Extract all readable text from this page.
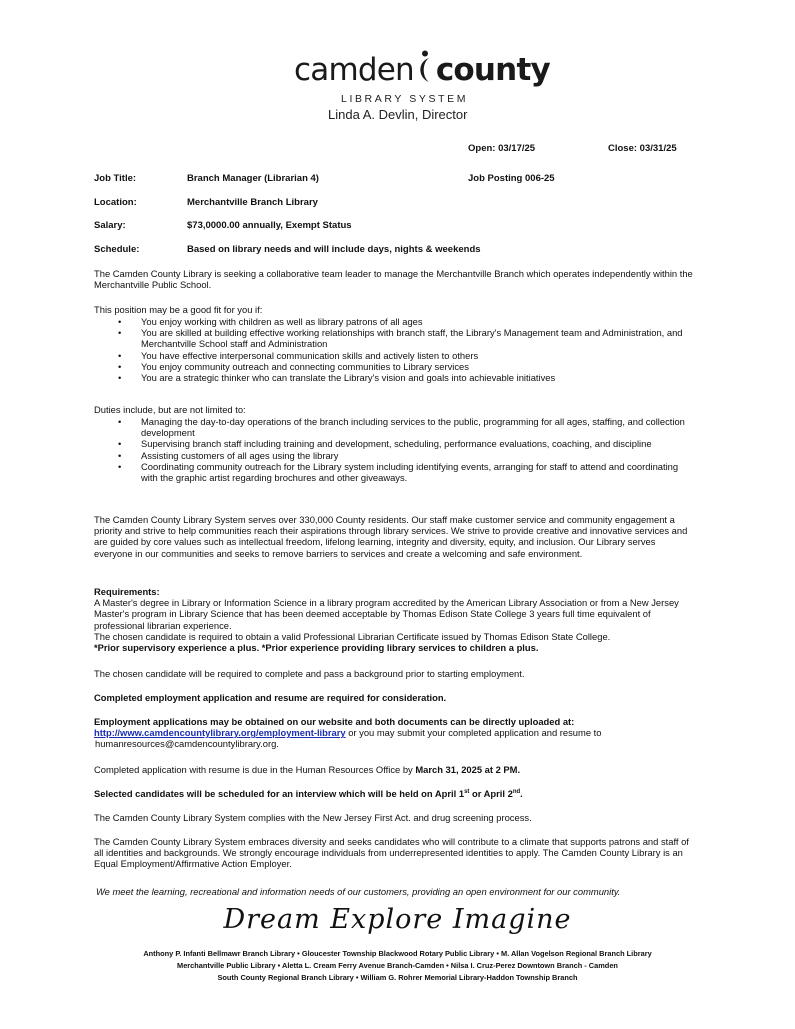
camden county
LIBRARY SYSTEM
Linda A. Devlin, Director
Open: 03/17/25	Close: 03/31/25
Job Title:	Branch Manager (Librarian 4)	Job Posting 006-25
Location:	Merchantville Branch Library
Salary:	$73,0000.00 annually, Exempt Status
Schedule:	Based on library needs and will include days, nights & weekends
The Camden County Library is seeking a collaborative team leader to manage the Merchantville Branch which operates independently within the Merchantville Public School.
This position may be a good fit for you if:
• You enjoy working with children as well as library patrons of all ages
• You are skilled at building effective working relationships with branch staff, the Library's Management team and Administration, and Merchantville School staff and Administration
• You have effective interpersonal communication skills and actively listen to others
• You enjoy community outreach and connecting communities to Library services
• You are a strategic thinker who can translate the Library's vision and goals into achievable initiatives
Duties include, but are not limited to:
• Managing the day-to-day operations of the branch including services to the public, programming for all ages, staffing, and collection development
• Supervising branch staff including training and development, scheduling, performance evaluations, coaching, and discipline
• Assisting customers of all ages using the library
• Coordinating community outreach for the Library system including identifying events, arranging for staff to attend and coordinating with the graphic artist regarding brochures and other giveaways.
The Camden County Library System serves over 330,000 County residents. Our staff make customer service and community engagement a priority and strive to help communities reach their aspirations through library services. We strive to provide creative and innovative services and are guided by core values such as intellectual freedom, lifelong learning, integrity and diversity, equity, and inclusion. Our Library serves everyone in our communities and seeks to remove barriers to services and create a welcoming and safe environment.
Requirements:
A Master's degree in Library or Information Science in a library program accredited by the American Library Association or from a New Jersey Master's program in Library Science that has been deemed acceptable by Thomas Edison State College 3 years full time equivalent of professional librarian experience.
The chosen candidate is required to obtain a valid Professional Librarian Certificate issued by Thomas Edison State College.
*Prior supervisory experience a plus. *Prior experience providing library services to children a plus.
The chosen candidate will be required to complete and pass a background prior to starting employment.
Completed employment application and resume are required for consideration.
Employment applications may be obtained on our website and both documents can be directly uploaded at:
http://www.camdencountylibrary.org/employment-library or you may submit your completed application and resume to
humanresources@camdencountylibrary.org.
Completed application with resume is due in the Human Resources Office by March 31, 2025 at 2 PM.
Selected candidates will be scheduled for an interview which will be held on April 1st or April 2nd.
The Camden County Library System complies with the New Jersey First Act. and drug screening process.
The Camden County Library System embraces diversity and seeks candidates who will contribute to a climate that supports patrons and staff of all identities and backgrounds. We strongly encourage individuals from underrepresented identities to apply. The Camden County Library is an Equal Employment/Affirmative Action Employer.
We meet the learning, recreational and information needs of our customers, providing an open environment for our community.
Dream Explore Imagine
Anthony P. Infanti Bellmawr Branch Library • Gloucester Township Blackwood Rotary Public Library • M. Allan Vogelson Regional Branch Library
Merchantville Public Library • Aletta L. Cream Ferry Avenue Branch-Camden • Nilsa I. Cruz-Perez Downtown Branch - Camden
South County Regional Branch Library • William G. Rohrer Memorial Library-Haddon Township Branch
